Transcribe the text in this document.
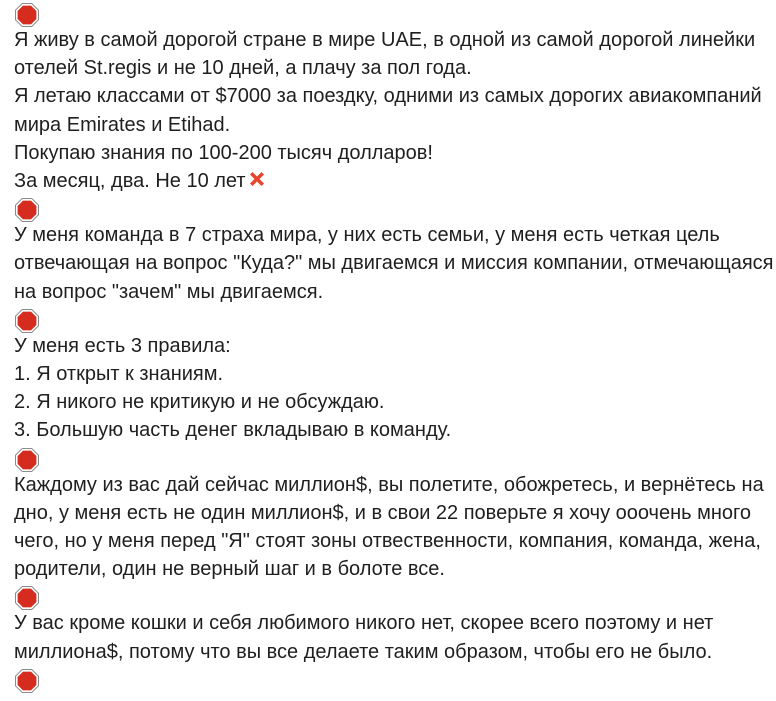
Я живу в самой дорогой стране в мире UAE, в одной из самой дорогой линейки
отелей St.regis и не 10 дней, а плачу за пол года.
Я летаю классами от $7000 за поездку, одними из самых дорогих авиакомпаний
мира Emirates и Etihad.
Покупаю знания по 100-200 тысяч долларов!
За месяц, два. Не 10 лет
У меня команда в 7 страха мира, у них есть семьи, у меня есть четкая цель
отвечающая на вопрос "Куда?" мы двигаемся и миссия компании, отмечающаяся
на вопрос "зачем" мы двигаемся.
У меня есть 3 правила:
1. Я открыт к знаниям.
2. Я никого не критикую и не обсуждаю.
3. Большую часть денег вкладываю в команду.
Каждому из вас дай сейчас миллион$, вы полетите, обожретесь, и вернётесь на
дно, у меня есть не один миллион$, и в свои 22 поверьте я хочу ооочень много
чего, но у меня перед "Я" стоят зоны отвественности, компания, команда, жена,
родители, один не верный шаг и в болоте все.
У вас кроме кошки и себя любимого никого нет, скорее всего поэтому и нет
миллиона$, потому что вы все делаете таким образом, чтобы его не было.
